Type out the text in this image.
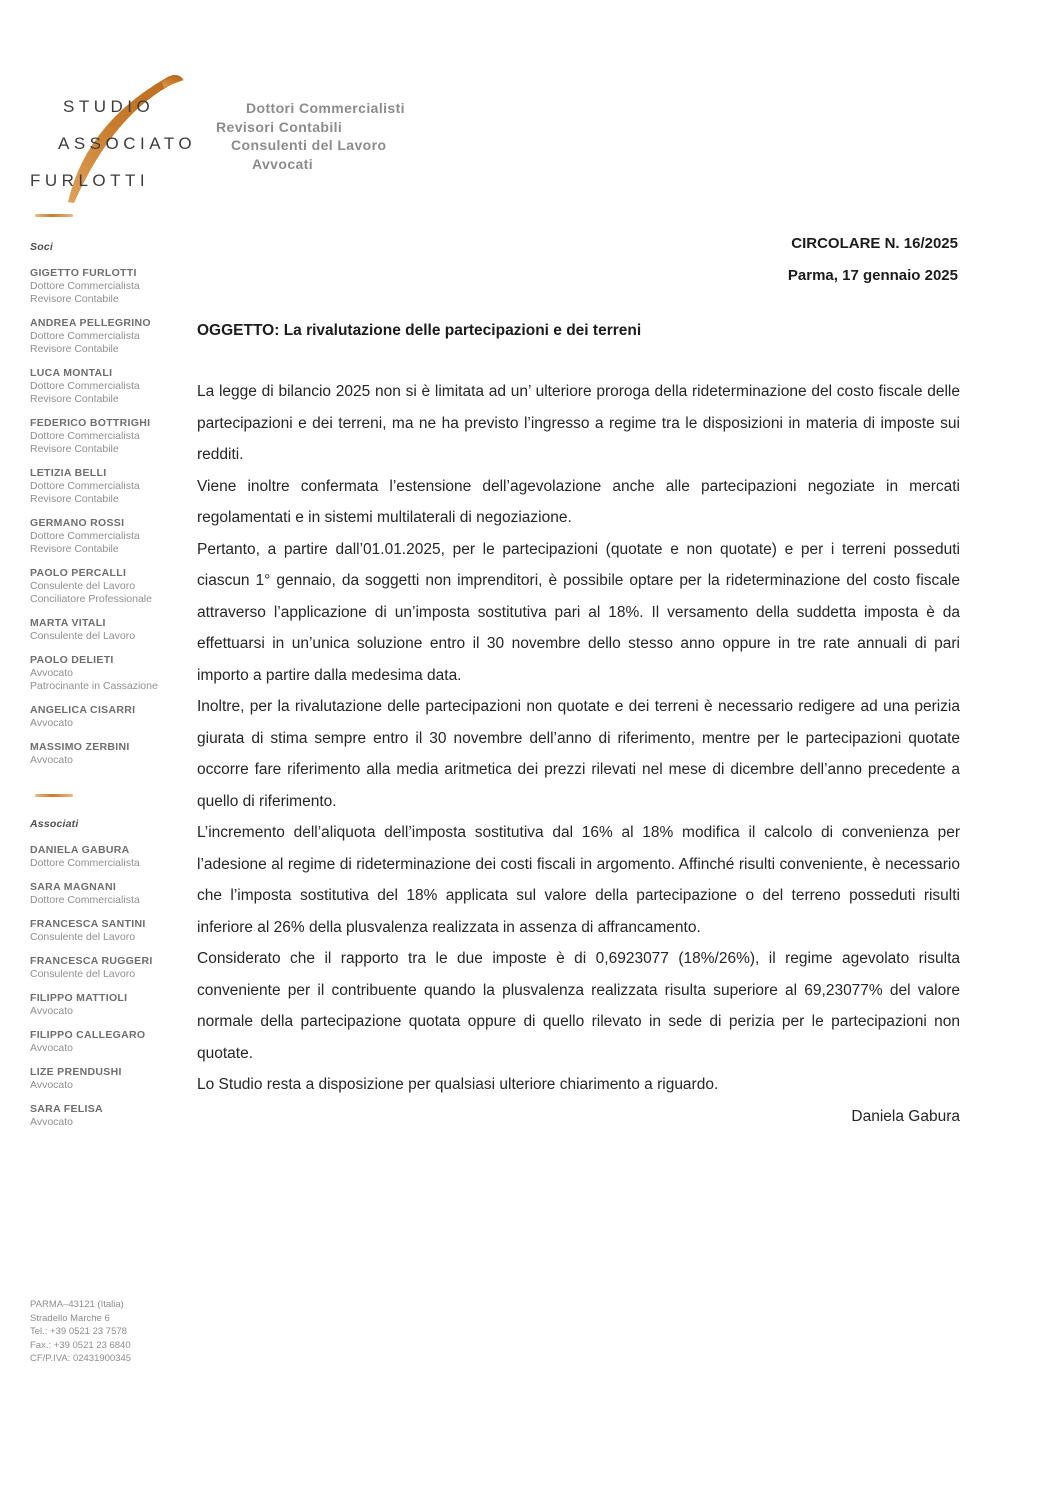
STUDIO
ASSOCIATO
FURLOTTI
Dottori Commercialisti
Revisori Contabili
Consulenti del Lavoro
Avvocati
CIRCOLARE N. 16/2025
Parma, 17 gennaio 2025
Soci
GIGETTO FURLOTTI
Dottore Commercialista
Revisore Contabile
ANDREA PELLEGRINO
Dottore Commercialista
Revisore Contabile
LUCA MONTALI
Dottore Commercialista
Revisore Contabile
FEDERICO BOTTRIGHI
Dottore Commercialista
Revisore Contabile
LETIZIA BELLI
Dottore Commercialista
Revisore Contabile
GERMANO ROSSI
Dottore Commercialista
Revisore Contabile
PAOLO PERCALLI
Consulente del Lavoro
Conciliatore Professionale
MARTA VITALI
Consulente del Lavoro
PAOLO DELIETI
Avvocato
Patrocinante in Cassazione
ANGELICA CISARRI
Avvocato
MASSIMO ZERBINI
Avvocato
Associati
DANIELA GABURA
Dottore Commercialista
SARA MAGNANI
Dottore Commercialista
FRANCESCA SANTINI
Consulente del Lavoro
FRANCESCA RUGGERI
Consulente del Lavoro
FILIPPO MATTIOLI
Avvocato
FILIPPO CALLEGARO
Avvocato
LIZE PRENDUSHI
Avvocato
SARA FELISA
Avvocato
PARMA–43121 (Italia)
Stradello Marche 6
Tel.: +39 0521 23 7578
Fax.: +39 0521 23 6840
CF/P.IVA: 02431900345
OGGETTO: La rivalutazione delle partecipazioni e dei terreni

La legge di bilancio 2025 non si è limitata ad un’ ulteriore proroga della rideterminazione del costo fiscale delle partecipazioni e dei terreni, ma ne ha previsto l’ingresso a regime tra le disposizioni in materia di imposte sui redditi.

Viene inoltre confermata l’estensione dell’agevolazione anche alle partecipazioni negoziate in mercati regolamentati e in sistemi multilaterali di negoziazione.

Pertanto, a partire dall’01.01.2025, per le partecipazioni (quotate e non quotate) e per i terreni posseduti ciascun 1° gennaio, da soggetti non imprenditori, è possibile optare per la rideterminazione del costo fiscale attraverso l’applicazione di un’imposta sostitutiva pari al 18%. Il versamento della suddetta imposta è da effettuarsi in un’unica soluzione entro il 30 novembre dello stesso anno oppure in tre rate annuali di pari importo a partire dalla medesima data.

Inoltre, per la rivalutazione delle partecipazioni non quotate e dei terreni è necessario redigere ad una perizia giurata di stima sempre entro il 30 novembre dell’anno di riferimento, mentre per le partecipazioni quotate occorre fare riferimento alla media aritmetica dei prezzi rilevati nel mese di dicembre dell’anno precedente a quello di riferimento.

L’incremento dell’aliquota dell’imposta sostitutiva dal 16% al 18% modifica il calcolo di convenienza per l’adesione al regime di rideterminazione dei costi fiscali in argomento. Affinché risulti conveniente, è necessario che l’imposta sostitutiva del 18% applicata sul valore della partecipazione o del terreno posseduti risulti inferiore al 26% della plusvalenza realizzata in assenza di affrancamento.

Considerato che il rapporto tra le due imposte è di 0,6923077 (18%/26%), il regime agevolato risulta conveniente per il contribuente quando la plusvalenza realizzata risulta superiore al 69,23077% del valore normale della partecipazione quotata oppure di quello rilevato in sede di perizia per le partecipazioni non quotate.

Lo Studio resta a disposizione per qualsiasi ulteriore chiarimento a riguardo.

Daniela Gabura
